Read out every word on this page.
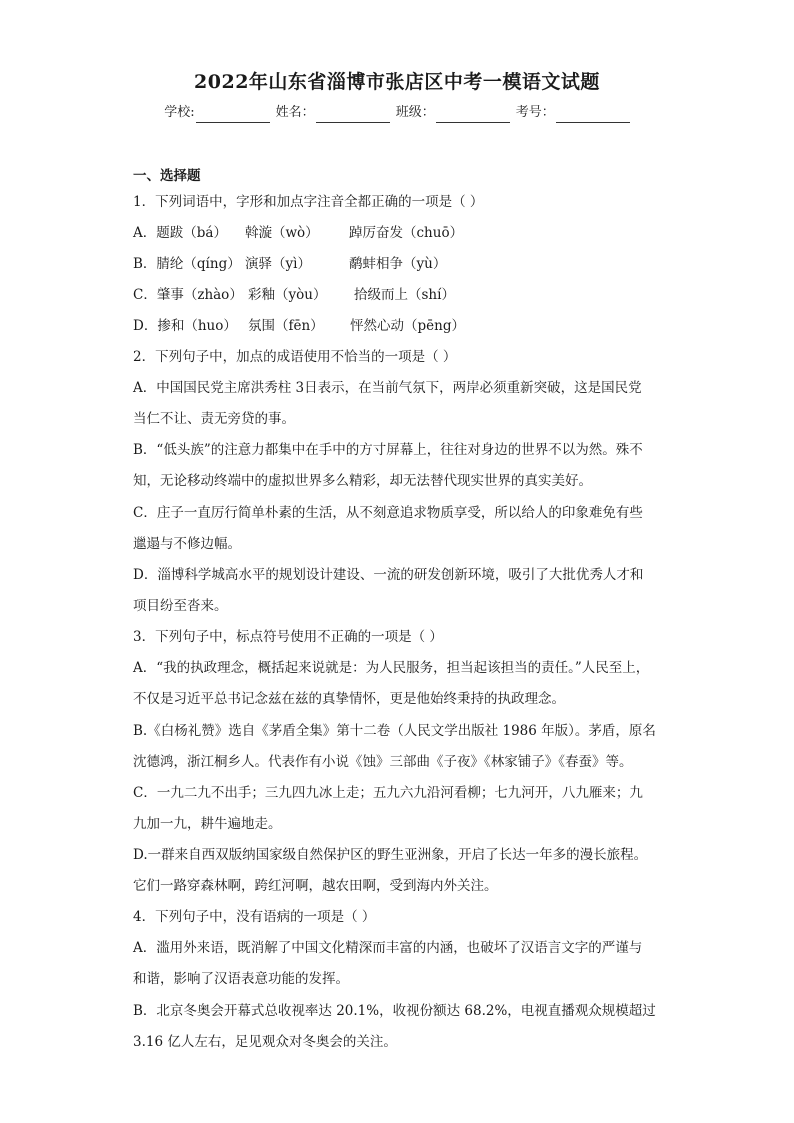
2022年山东省淄博市张店区中考一模语文试题
学校:	姓名：	班级：	考号：
一、选择题
1．下列词语中，字形和加点字注音全都正确的一项是（ ）
A．题跋（bá） 斡漩（wò） 踔厉奋发（chuō）
B．腈纶（qíng） 演驿（yì）	鹬蚌相争（yù）
C．肇事（zhào） 彩釉（yòu） 拾级而上（shí）
D．掺和（huo） 氛围（fēn） 怦然心动（pēng）
2．下列句子中，加点的成语使用不恰当的一项是（ ）
A．中国国民党主席洪秀柱 3日表示，在当前气氛下，两岸必须重新突破，这是国民党
当仁不让、责无旁贷的事。
B．“低头族”的注意力都集中在手中的方寸屏幕上，往往对身边的世界不以为然。殊不
知，无论移动终端中的虚拟世界多么精彩，却无法替代现实世界的真实美好。
C．庄子一直厉行简单朴素的生活，从不刻意追求物质享受，所以给人的印象难免有些
邋遢与不修边幅。
D．淄博科学城高水平的规划设计建设、一流的研发创新环境，吸引了大批优秀人才和
项目纷至沓来。
3．下列句子中，标点符号使用不正确的一项是（ ）
A．“我的执政理念，概括起来说就是：为人民服务，担当起该担当的责任。”人民至上，
不仅是习近平总书记念兹在兹的真挚情怀，更是他始终秉持的执政理念。
B.《白杨礼赞》选自《茅盾全集》第十二卷（人民文学出版社 1986 年版）。茅盾，原名
沈德鸿，浙江桐乡人。代表作有小说《蚀》三部曲《子夜》《林家铺子》《春蚕》等。
C．一九二九不出手；三九四九冰上走；五九六九沿河看柳；七九河开，八九雁来；九
九加一九，耕牛遍地走。
D.一群来自西双版纳国家级自然保护区的野生亚洲象，开启了长达一年多的漫长旅程。
它们一路穿森林啊，跨红河啊，越农田啊，受到海内外关注。
4．下列句子中，没有语病的一项是（ ）
A．滥用外来语，既消解了中国文化精深而丰富的内涵，也破坏了汉语言文字的严谨与
和谐，影响了汉语表意功能的发挥。
B．北京冬奥会开幕式总收视率达 20.1%，收视份额达 68.2%，电视直播观众规模超过
3.16 亿人左右，足见观众对冬奥会的关注。
